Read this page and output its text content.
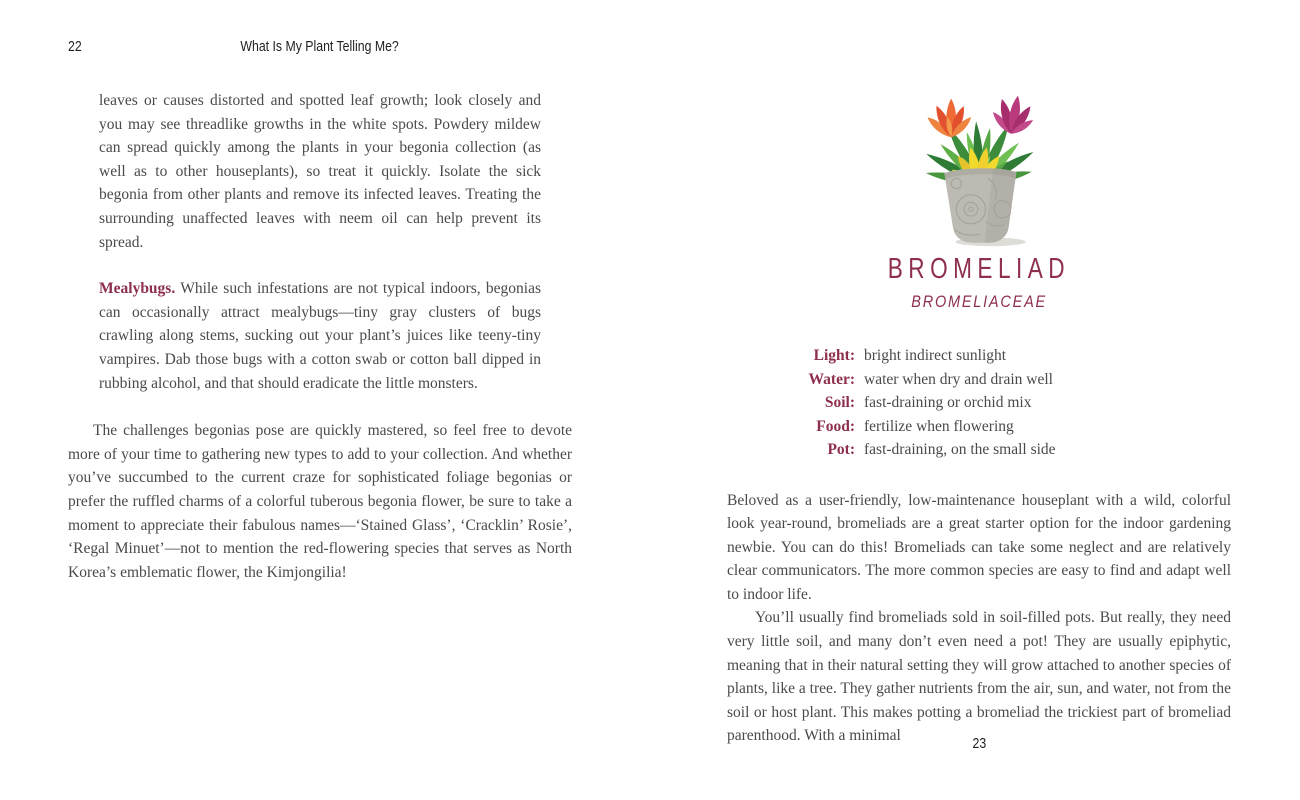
22	What Is My Plant Telling Me?

leaves or causes distorted and spotted leaf growth; look closely and you may see threadlike growths in the white spots. Powdery mildew can spread quickly among the plants in your begonia collection (as well as to other houseplants), so treat it quickly. Isolate the sick begonia from other plants and remove its infected leaves. Treating the surrounding unaffected leaves with neem oil can help prevent its spread.

Mealybugs. While such infestations are not typical indoors, begonias can occasionally attract mealybugs—tiny gray clusters of bugs crawling along stems, sucking out your plant’s juices like teeny-tiny vampires. Dab those bugs with a cotton swab or cotton ball dipped in rubbing alcohol, and that should eradicate the little monsters.

The challenges begonias pose are quickly mastered, so feel free to devote more of your time to gathering new types to add to your collection. And whether you’ve succumbed to the current craze for sophisticated foliage begonias or prefer the ruffled charms of a colorful tuberous begonia flower, be sure to take a moment to appreciate their fabulous names—‘Stained Glass’, ‘Cracklin’ Rosie’, ‘Regal Minuet’—not to mention the red-flowering species that serves as North Korea’s emblematic flower, the Kimjongilia!

BROMELIAD
BROMELIACEAE
Light: bright indirect sunlight
Water: water when dry and drain well
Soil: fast-draining or orchid mix
Food: fertilize when flowering
Pot: fast-draining, on the small side

Beloved as a user-friendly, low-maintenance houseplant with a wild, colorful look year-round, bromeliads are a great starter option for the indoor gardening newbie. You can do this! Bromeliads can take some neglect and are relatively clear communicators. The more common species are easy to find and adapt well to indoor life.

You’ll usually find bromeliads sold in soil-filled pots. But really, they need very little soil, and many don’t even need a pot! They are usually epiphytic, meaning that in their natural setting they will grow attached to another species of plants, like a tree. They gather nutrients from the air, sun, and water, not from the soil or host plant. This makes potting a bromeliad the trickiest part of bromeliad parenthood. With a minimal	23
